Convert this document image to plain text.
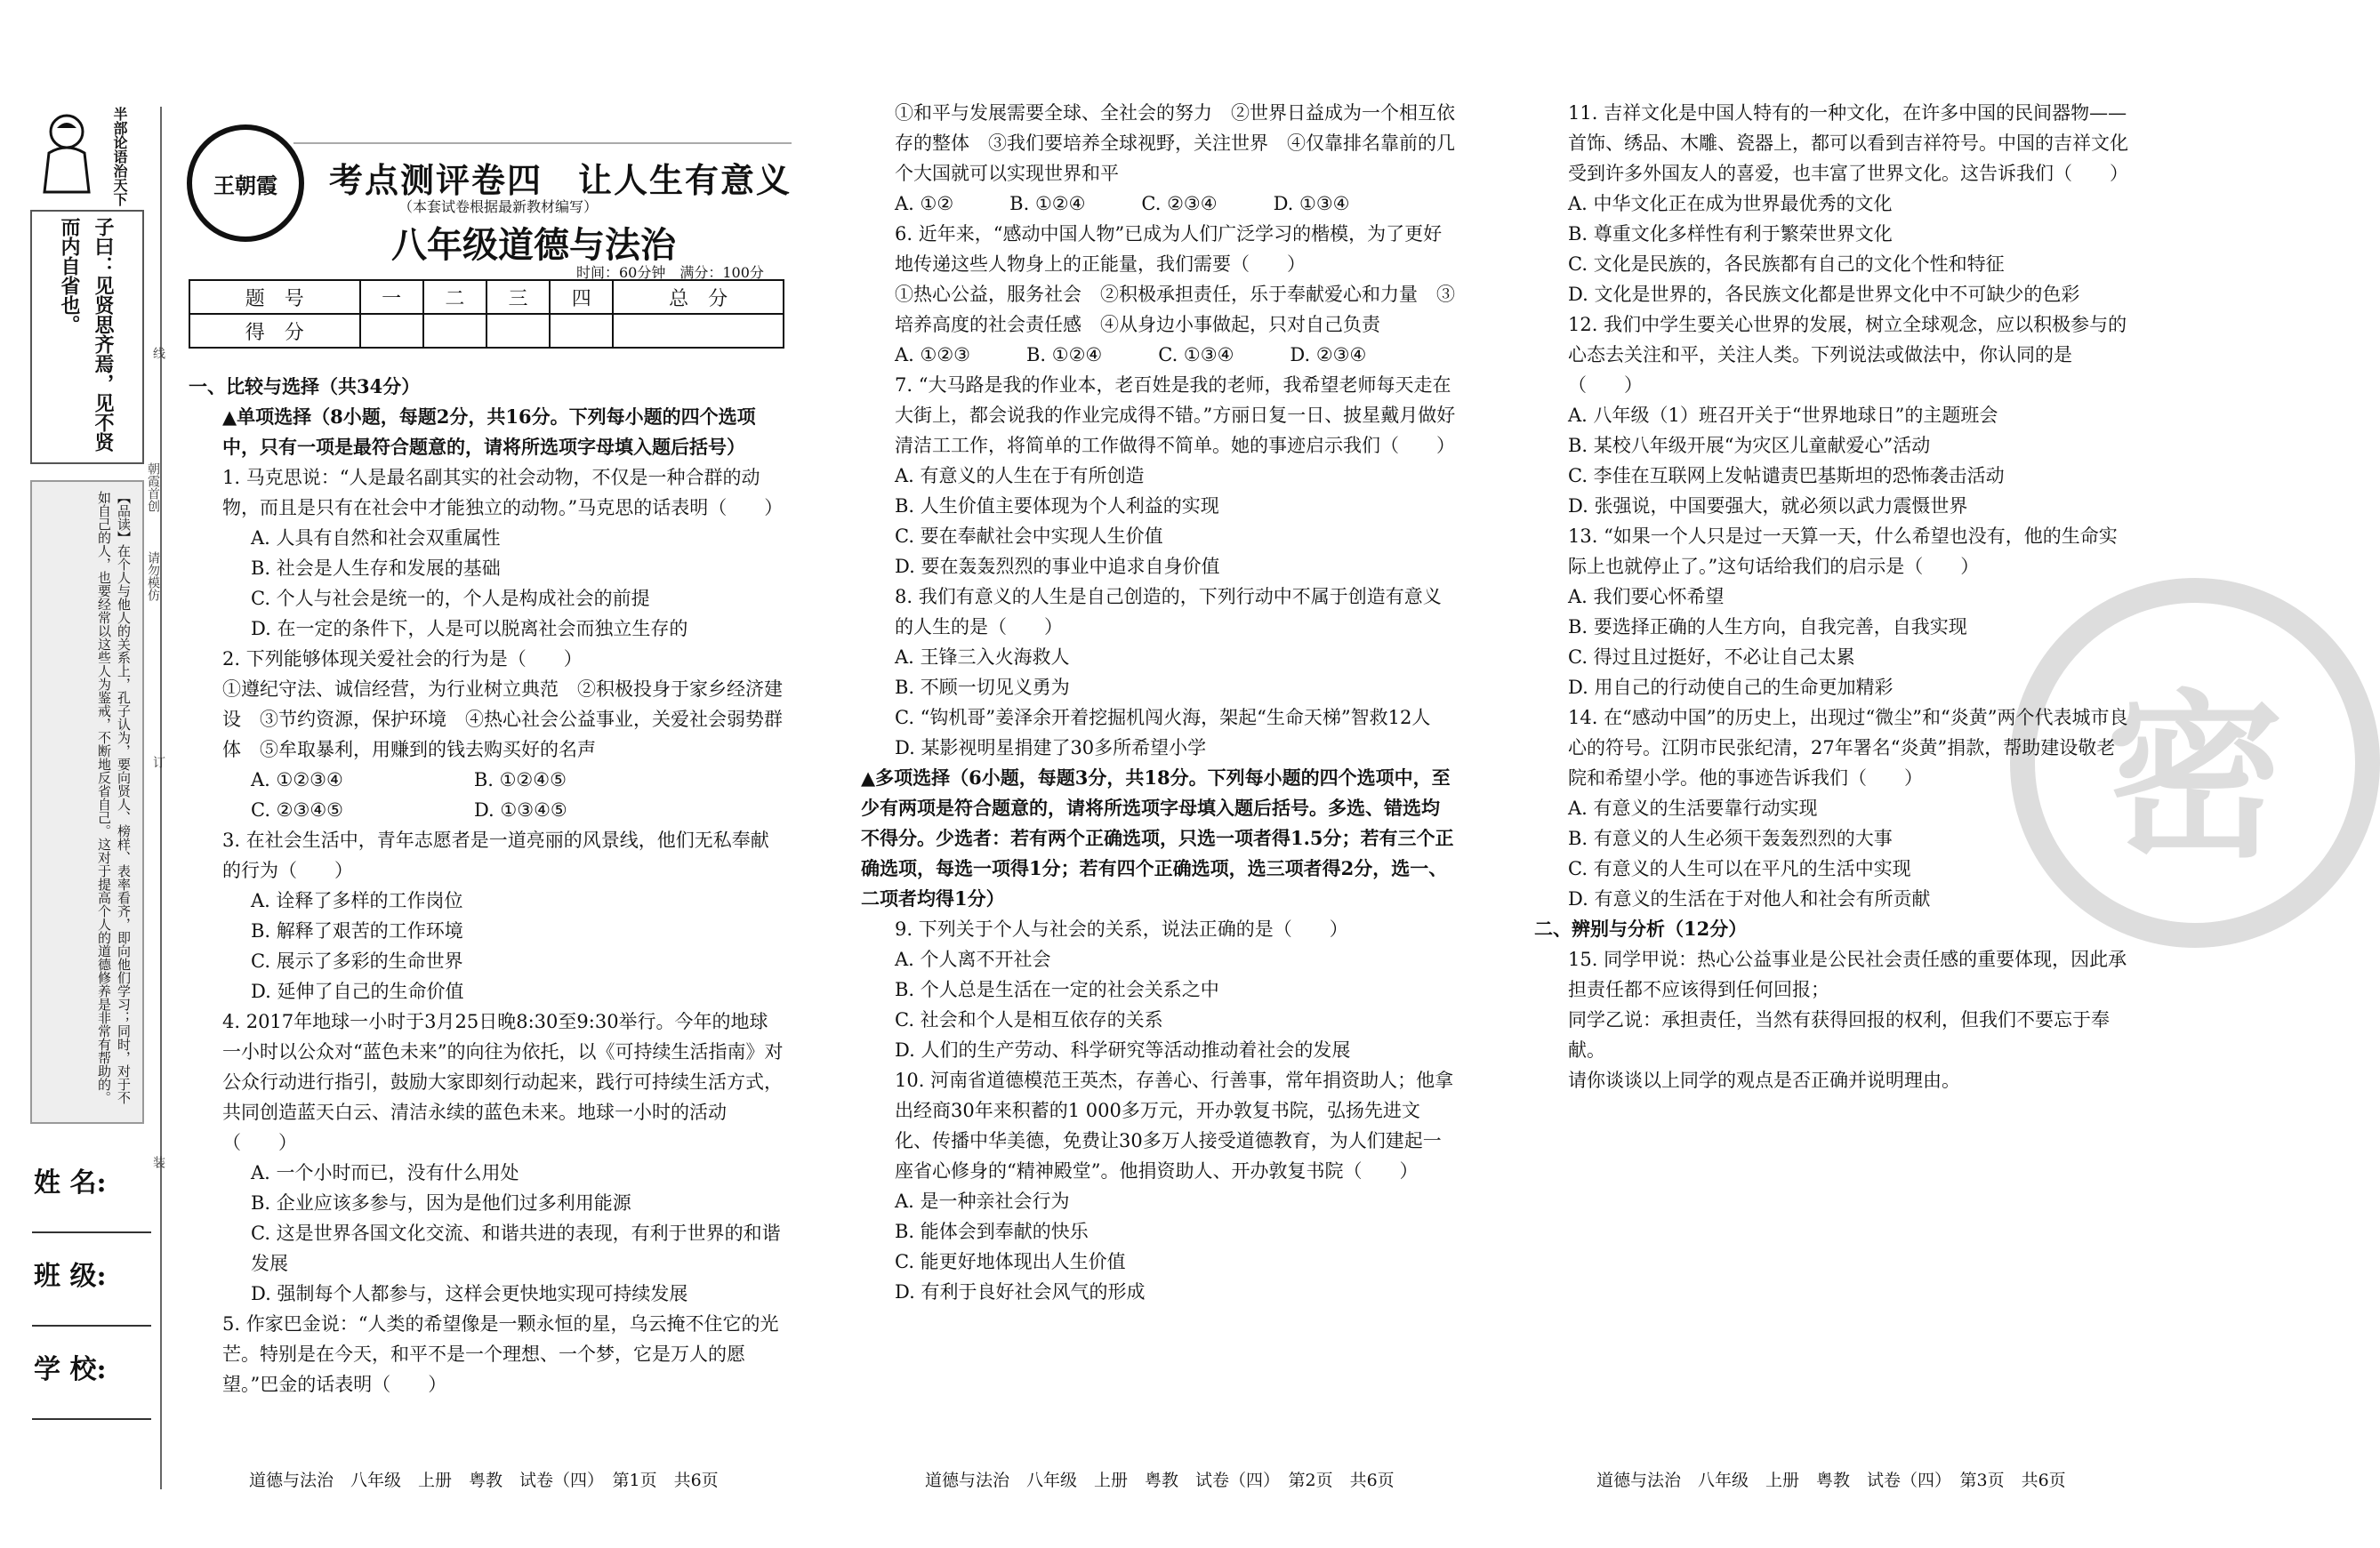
半部论语治天下
子曰：见贤思齐焉，见不贤
而内自省也。
【品读】在个人与他人的关系上，孔子认为，要向贤人、榜样、表率看齐，即向他们学习；同时，对于不如自己的人，也要经常以这些人为鉴戒，不断地反省自己。这对于提高个人的道德修养是非常有帮助的。
姓 名:
班 级:
学 校:
线
朝霞首创
请勿模仿
订
装
王朝霞 考点测评卷四　让人生有意义
（本套试卷根据最新教材编写）
八年级道德与法治
时间：60分钟　满分：100分
题　号	一	二	三	四	总　分
得　分					

一、比较与选择（共34分）

▲单项选择（8小题，每题2分，共16分。下列每小题的四个选项中，只有一项是最符合题意的，请将所选项字母填入题后括号）

1. 马克思说：“人是最名副其实的社会动物，不仅是一种合群的动物，而且是只有在社会中才能独立的动物。”马克思的话表明（　　）

A. 人具有自然和社会双重属性

B. 社会是人生存和发展的基础

C. 个人与社会是统一的，个人是构成社会的前提

D. 在一定的条件下，人是可以脱离社会而独立生存的

2. 下列能够体现关爱社会的行为是（　　）

①遵纪守法、诚信经营，为行业树立典范　②积极投身于家乡经济建设　③节约资源，保护环境　④热心社会公益事业，关爱社会弱势群体　⑤牟取暴利，用赚到的钱去购买好的名声

A. ①②③④　　　　　　　B. ①②④⑤

C. ②③④⑤　　　　　　　D. ①③④⑤

3. 在社会生活中，青年志愿者是一道亮丽的风景线，他们无私奉献的行为（　　）

A. 诠释了多样的工作岗位

B. 解释了艰苦的工作环境

C. 展示了多彩的生命世界

D. 延伸了自己的生命价值

4. 2017年地球一小时于3月25日晚8:30至9:30举行。今年的地球一小时以公众对“蓝色未来”的向往为依托，以《可持续生活指南》对公众行动进行指引，鼓励大家即刻行动起来，践行可持续生活方式，共同创造蓝天白云、清洁永续的蓝色未来。地球一小时的活动（　　）

A. 一个小时而已，没有什么用处

B. 企业应该多参与，因为是他们过多利用能源

C. 这是世界各国文化交流、和谐共进的表现，有利于世界的和谐发展

D. 强制每个人都参与，这样会更快地实现可持续发展

5. 作家巴金说：“人类的希望像是一颗永恒的星，乌云掩不住它的光芒。特别是在今天，和平不是一个理想、一个梦，它是万人的愿望。”巴金的话表明（　　）

①和平与发展需要全球、全社会的努力　②世界日益成为一个相互依存的整体　③我们要培养全球视野，关注世界　④仅靠排名靠前的几个大国就可以实现世界和平

A. ①②　　　B. ①②④　　　C. ②③④　　　D. ①③④

6. 近年来，“感动中国人物”已成为人们广泛学习的楷模，为了更好地传递这些人物身上的正能量，我们需要（　　）

①热心公益，服务社会　②积极承担责任，乐于奉献爱心和力量　③培养高度的社会责任感　④从身边小事做起，只对自己负责

A. ①②③　　　B. ①②④　　　C. ①③④　　　D. ②③④

7. “大马路是我的作业本，老百姓是我的老师，我希望老师每天走在大街上，都会说我的作业完成得不错。”方丽日复一日、披星戴月做好清洁工工作，将简单的工作做得不简单。她的事迹启示我们（　　）

A. 有意义的人生在于有所创造

B. 人生价值主要体现为个人利益的实现

C. 要在奉献社会中实现人生价值

D. 要在轰轰烈烈的事业中追求自身价值

8. 我们有意义的人生是自己创造的，下列行动中不属于创造有意义的人生的是（　　）

A. 王锋三入火海救人

B. 不顾一切见义勇为

C. “钩机哥”姜泽余开着挖掘机闯火海，架起“生命天梯”智救12人

D. 某影视明星捐建了30多所希望小学

▲多项选择（6小题，每题3分，共18分。下列每小题的四个选项中，至少有两项是符合题意的，请将所选项字母填入题后括号。多选、错选均不得分。少选者：若有两个正确选项，只选一项者得1.5分；若有三个正确选项，每选一项得1分；若有四个正确选项，选三项者得2分，选一、二项者均得1分）

9. 下列关于个人与社会的关系，说法正确的是（　　）

A. 个人离不开社会

B. 个人总是生活在一定的社会关系之中

C. 社会和个人是相互依存的关系

D. 人们的生产劳动、科学研究等活动推动着社会的发展

10. 河南省道德模范王英杰，存善心、行善事，常年捐资助人；他拿出经商30年来积蓄的1 000多万元，开办敦复书院，弘扬先进文化、传播中华美德，免费让30多万人接受道德教育，为人们建起一座省心修身的“精神殿堂”。他捐资助人、开办敦复书院（　　）

A. 是一种亲社会行为

B. 能体会到奉献的快乐

C. 能更好地体现出人生价值

D. 有利于良好社会风气的形成

密

11. 吉祥文化是中国人特有的一种文化，在许多中国的民间器物——首饰、绣品、木雕、瓷器上，都可以看到吉祥符号。中国的吉祥文化受到许多外国友人的喜爱，也丰富了世界文化。这告诉我们（　　）

A. 中华文化正在成为世界最优秀的文化

B. 尊重文化多样性有利于繁荣世界文化

C. 文化是民族的，各民族都有自己的文化个性和特征

D. 文化是世界的，各民族文化都是世界文化中不可缺少的色彩

12. 我们中学生要关心世界的发展，树立全球观念，应以积极参与的心态去关注和平，关注人类。下列说法或做法中，你认同的是（　　）

A. 八年级（1）班召开关于“世界地球日”的主题班会

B. 某校八年级开展“为灾区儿童献爱心”活动

C. 李佳在互联网上发帖谴责巴基斯坦的恐怖袭击活动

D. 张强说，中国要强大，就必须以武力震慑世界

13. “如果一个人只是过一天算一天，什么希望也没有，他的生命实际上也就停止了。”这句话给我们的启示是（　　）

A. 我们要心怀希望

B. 要选择正确的人生方向，自我完善，自我实现

C. 得过且过挺好，不必让自己太累

D. 用自己的行动使自己的生命更加精彩

14. 在“感动中国”的历史上，出现过“微尘”和“炎黄”两个代表城市良心的符号。江阴市民张纪清，27年署名“炎黄”捐款，帮助建设敬老院和希望小学。他的事迹告诉我们（　　）

A. 有意义的生活要靠行动实现

B. 有意义的人生必须干轰轰烈烈的大事

C. 有意义的人生可以在平凡的生活中实现

D. 有意义的生活在于对他人和社会有所贡献

二、辨别与分析（12分）

15. 同学甲说：热心公益事业是公民社会责任感的重要体现，因此承担责任都不应该得到任何回报；

同学乙说：承担责任，当然有获得回报的权利，但我们不要忘于奉献。

请你谈谈以上同学的观点是否正确并说明理由。

道德与法治　八年级　上册　粤教　试卷（四）　第1页　共6页	道德与法治　八年级　上册　粤教　试卷（四）　第2页　共6页	道德与法治　八年级　上册　粤教　试卷（四）　第3页　共6页
